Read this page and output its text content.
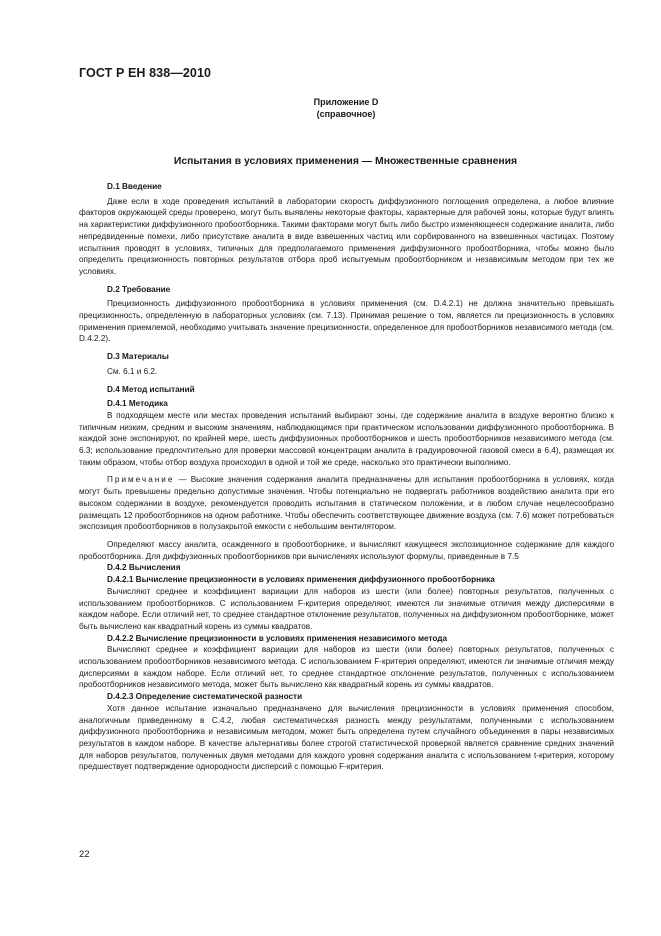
ГОСТ Р ЕН 838—2010
Приложение D
(справочное)
Испытания в условиях применения — Множественные сравнения
D.1 Введение

Даже если в ходе проведения испытаний в лаборатории скорость диффузионного поглощения определена, а любое влияние факторов окружающей среды проверено, могут быть выявлены некоторые факторы, характерные для рабочей зоны, которые будут влиять на характеристики диффузионного пробоотборника. Такими факторами могут быть либо быстро изменяющееся содержание аналита, либо непредвиденные помехи, либо присутствие аналита в виде взвешенных частиц или сорбированного на взвешенных частицах. Поэтому испытания проводят в условиях, типичных для предполагаемого применения диффузионного пробоотборника, чтобы можно было определить прецизионность повторных результатов отбора проб испытуемым пробоотборником и независимым методом при тех же условиях.

D.2 Требование

Прецизионность диффузионного пробоотборника в условиях применения (см. D.4.2.1) не должна значительно превышать прецизионность, определенную в лабораторных условиях (см. 7.13). Принимая решение о том, является ли прецизионность в условиях применения приемлемой, необходимо учитывать значение прецизионности, определенное для пробоотборников независимого метода (см. D.4.2.2).

D.3 Материалы

См. 6.1 и 6.2.

D.4 Метод испытаний
D.4.1 Методика

В подходящем месте или местах проведения испытаний выбирают зоны, где содержание аналита в воздухе вероятно близко к типичным низким, средним и высоким значениям, наблюдающимся при практическом использовании диффузионного пробоотборника. В каждой зоне экспонируют, по крайней мере, шесть диффузионных пробоотборников и шесть пробоотборников независимого метода (см. 6.3; использование предпочтительно для проверки массовой концентрации аналита в градуировочной газовой смеси в 6.4), размещая их таким образом, чтобы отбор воздуха происходил в одной и той же среде, насколько это практически выполнимо.

Примечание — Высокие значения содержания аналита предназначены для испытания пробоотборника в условиях, когда могут быть превышены предельно допустимые значения. Чтобы потенциально не подвергать работников воздействию аналита при его высоком содержании в воздухе, рекомендуется проводить испытания в статическом положении, и в любом случае нецелесообразно размещать 12 пробоотборников на одном работнике. Чтобы обеспечить соответствующее движение воздуха (см. 7.6) может потребоваться экспозиция пробоотборников в полузакрытой емкости с небольшим вентилятором.

Определяют массу аналита, осажденного в пробоотборнике, и вычисляют кажущееся экспозиционное содержание для каждого пробоотборника. Для диффузионных пробоотборников при вычислениях используют формулы, приведенные в 7.5

D.4.2 Вычисления
D.4.2.1 Вычисление прецизионности в условиях применения диффузионного пробоотборника

Вычисляют среднее и коэффициент вариации для наборов из шести (или более) повторных результатов, полученных с использованием пробоотборников. С использованием F-критерия определяют, имеются ли значимые отличия между дисперсиями в каждом наборе. Если отличий нет, то среднее стандартное отклонение результатов, полученных на диффузионном пробоотборнике, может быть вычислено как квадратный корень из суммы квадратов.

D.4.2.2 Вычисление прецизионности в условиях применения независимого метода

Вычисляют среднее и коэффициент вариации для наборов из шести (или более) повторных результатов, полученных с использованием пробоотборников независимого метода. С использованием F-критерия определяют, имеются ли значимые отличия между дисперсиями в каждом наборе. Если отличий нет, то среднее стандартное отклонение результатов, полученных с использованием пробоотборников независимого метода, может быть вычислено как квадратный корень из суммы квадратов.

D.4.2.3 Определение систематической разности

Хотя данное испытание изначально предназначено для вычисления прецизионности в условиях применения способом, аналогичным приведенному в С.4.2, любая систематическая разность между результатами, полученными с использованием диффузионного пробоотборника и независимым методом, может быть определена путем случайного объединения в пары независимых результатов в каждом наборе. В качестве альтернативы более строгой статистической проверкой является сравнение средних значений для наборов результатов, полученных двумя методами для каждого уровня содержания аналита с использованием t-критерия, которому предшествует подтверждение однородности дисперсий с помощью F-критерия.

22
